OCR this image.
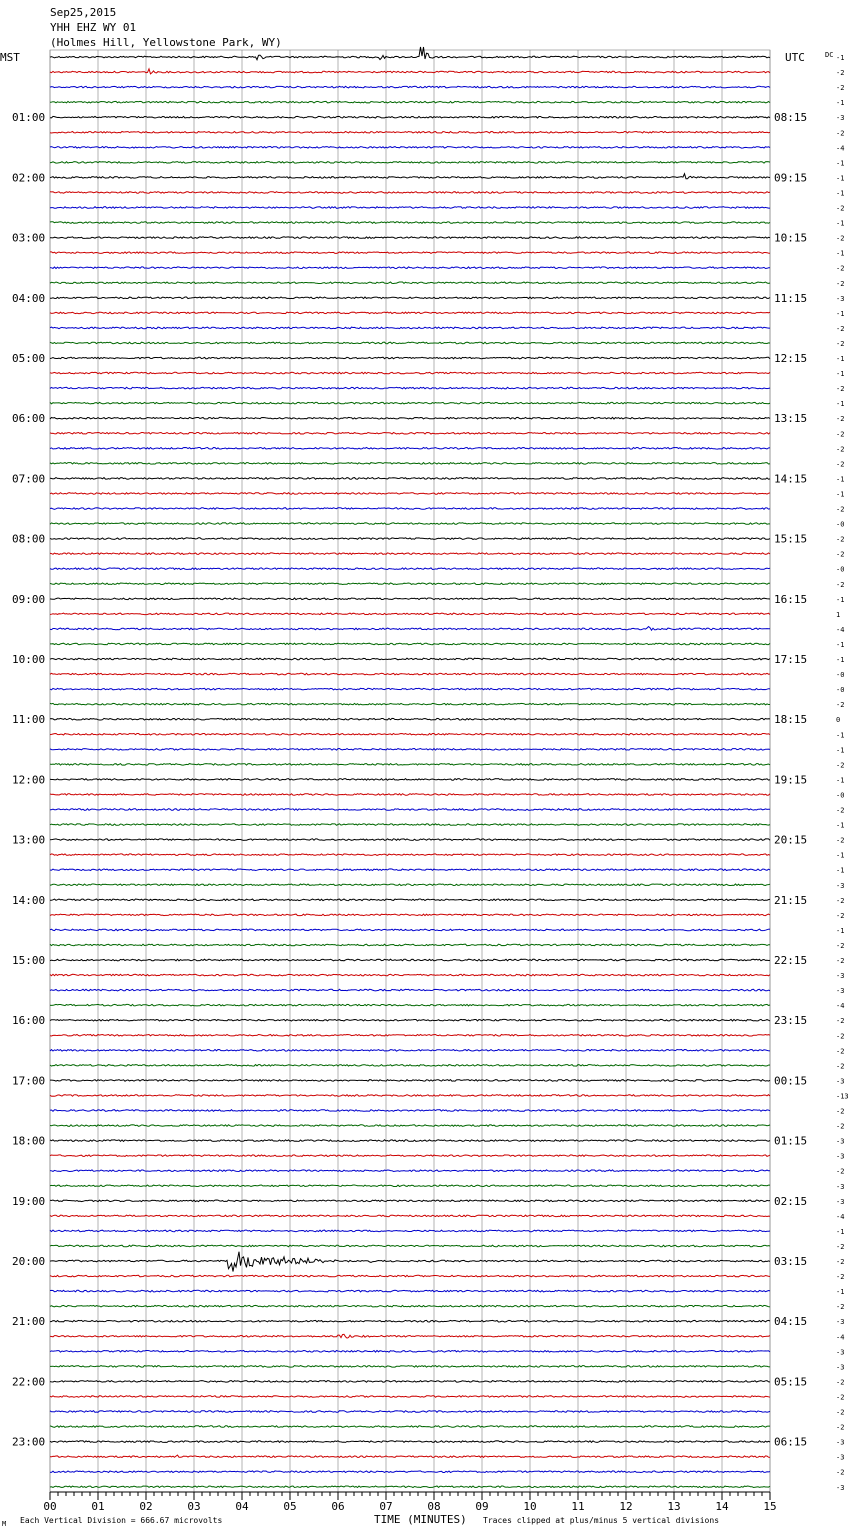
-1
-2
-2
-1
-3
-2
-4
-1
-1
-1
-2
-1
-2
-1
-2
-2
-3
-1
-2
-2
-1
-1
-2
-1
-2
-2
-2
-2
-1
-1
-2
-0
-2
-2
-0
-2
-1
1
-4
-1
-1
-0
-0
-2
0
-1
-1
-2
-1
-0
-2
-1
-2
-1
-1
-3
-2
-2
-1
-2
-2
-3
-3
-4
-2
-2
-2
-2
-3
-13
-2
-2
-3
-3
-2
-3
-3
-4
-1
-2
-2
-2
-1
-2
-3
-4
-3
-3
-2
-2
-2
-2
-3
-3
-2
-3
01:00
02:00
03:00
04:00
05:00
06:00
07:00
08:00
09:00
10:00
11:00
12:00
13:00
14:00
15:00
16:00
17:00
18:00
19:00
20:00
21:00
22:00
23:00
08:15
09:15
10:15
11:15
12:15
13:15
14:15
15:15
16:15
17:15
18:15
19:15
20:15
21:15
22:15
23:15
00:15
01:15
02:15
03:15
04:15
05:15
06:15
00	01	02	03	04	05	06	07	08	09	10	11	12	13	14	15
Sep25,2015
YHH EHZ WY 01
(Holmes Hill, Yellowstone Park, WY)
MST	UTC	DC
Μ Each Vertical Division = 666.67 microvolts	TIME (MINUTES) Traces clipped at plus/minus 5 vertical divisions
